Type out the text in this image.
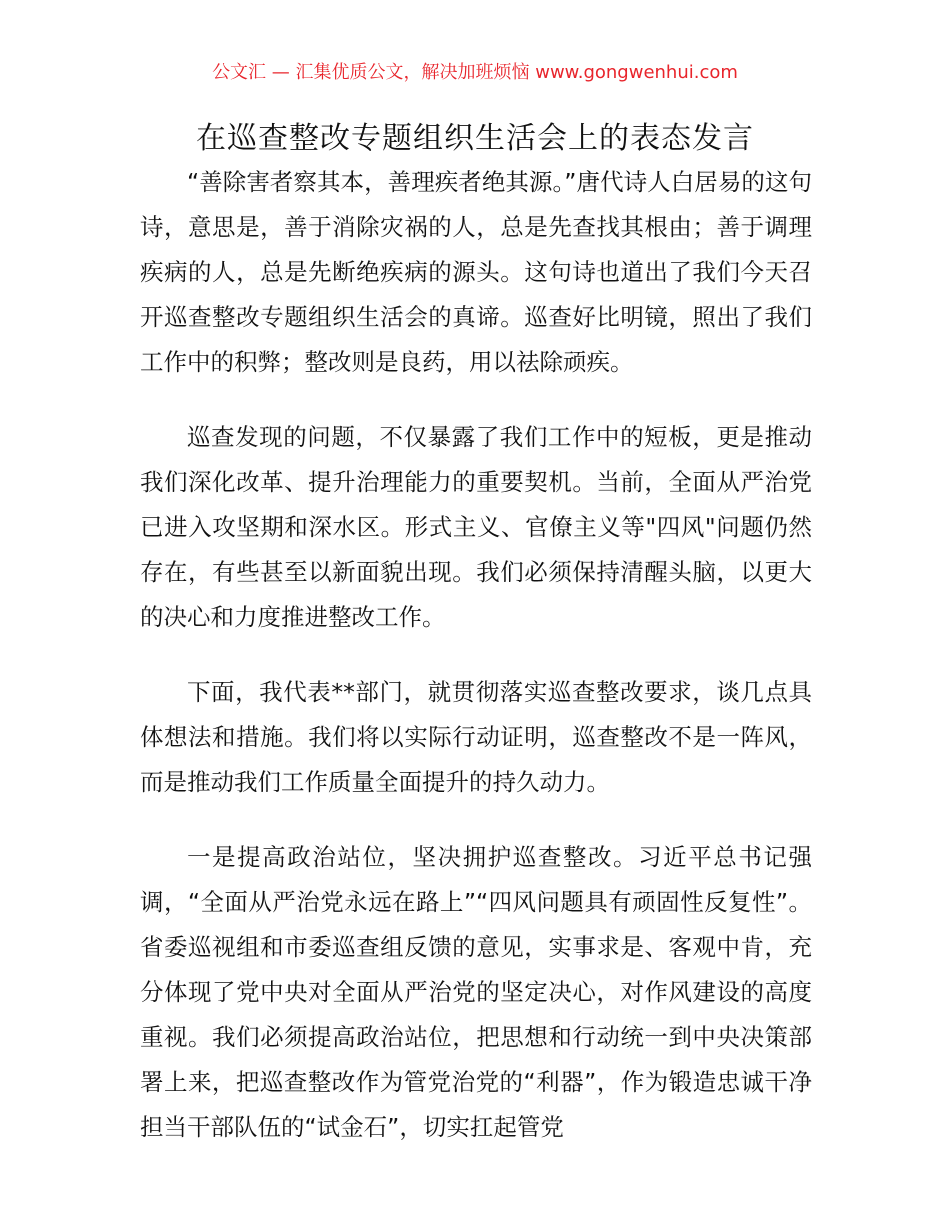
公文汇 — 汇集优质公文，解决加班烦恼 www.gongwenhui.com
在巡查整改专题组织生活会上的表态发言

“善除害者察其本，善理疾者绝其源。”唐代诗人白居易的这句诗，意思是，善于消除灾祸的人，总是先查找其根由；善于调理疾病的人，总是先断绝疾病的源头。这句诗也道出了我们今天召开巡查整改专题组织生活会的真谛。巡查好比明镜，照出了我们工作中的积弊；整改则是良药，用以祛除顽疾。

巡查发现的问题，不仅暴露了我们工作中的短板，更是推动我们深化改革、提升治理能力的重要契机。当前，全面从严治党已进入攻坚期和深水区。形式主义、官僚主义等"四风"问题仍然存在，有些甚至以新面貌出现。我们必须保持清醒头脑，以更大的决心和力度推进整改工作。

下面，我代表**部门，就贯彻落实巡查整改要求，谈几点具体想法和措施。我们将以实际行动证明，巡查整改不是一阵风，而是推动我们工作质量全面提升的持久动力。

一是提高政治站位，坚决拥护巡查整改。习近平总书记强调，“全面从严治党永远在路上”“四风问题具有顽固性反复性”。省委巡视组和市委巡查组反馈的意见，实事求是、客观中肯，充分体现了党中央对全面从严治党的坚定决心，对作风建设的高度重视。我们必须提高政治站位，把思想和行动统一到中央决策部署上来，把巡查整改作为管党治党的“利器”，作为锻造忠诚干净担当干部队伍的“试金石”，切实扛起管党
